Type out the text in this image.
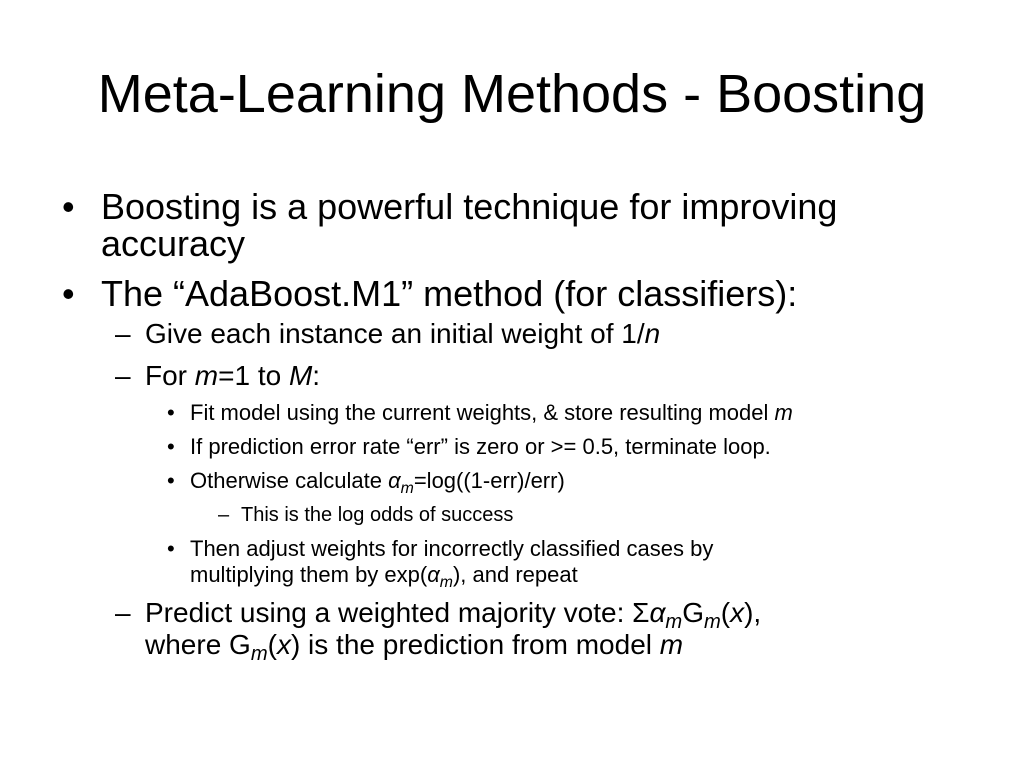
Meta-Learning Methods - Boosting
• Boosting is a powerful technique for improving
accuracy
• The “AdaBoost.M1” method (for classifiers):
– Give each instance an initial weight of 1/n
– For m=1 to M:
• Fit model using the current weights, & store resulting model m
• If prediction error rate “err” is zero or >= 0.5, terminate loop.
• Otherwise calculate $\alpha_m=\log((1-err)/err)$
– This is the log odds of success
• Then adjust weights for incorrectly classified cases by
multiplying them by $\exp(\alpha_m)$, and repeat
– Predict using a weighted majority vote: $\Sigma\alpha_mG_m(x)$,
where $G_m(x)$ is the prediction from model m
